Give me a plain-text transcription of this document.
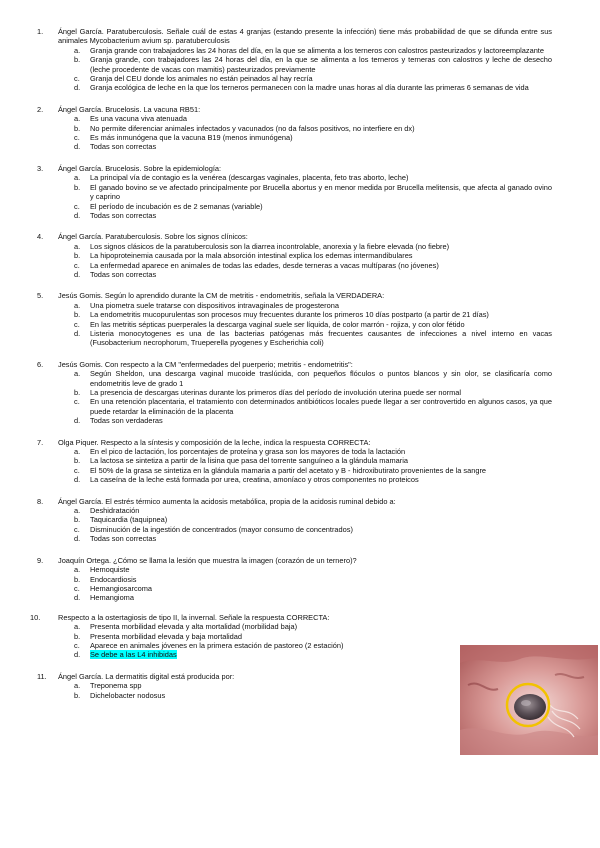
1.	Ángel García. Paratuberculosis. Señale cuál de estas 4 granjas (estando presente la infección) tiene más probabilidad de que se difunda entre sus animales Mycobacterium avium sp. paratuberculosis
a.	Granja grande con trabajadores las 24 horas del día, en la que se alimenta a los terneros con calostros pasteurizados y lactoreemplazante
b.	Granja grande, con trabajadores las 24 horas del día, en la que se alimenta a los terneros y terneras con calostros y leche de desecho (leche procedente de vacas con mamitis) pasteurizados previamente
c.	Granja del CEU donde los animales no están peinados al hay recría
d.	Granja ecológica de leche en la que los terneros permanecen con la madre unas horas al día durante las primeras 6 semanas de vida
2.	Ángel García. Brucelosis. La vacuna RB51:
a.	Es una vacuna viva atenuada
b.	No permite diferenciar animales infectados y vacunados (no da falsos positivos, no interfiere en dx)
c.	Es más inmunógena que la vacuna B19 (menos inmunógena)
d.	Todas son correctas
3.	Ángel García. Brucelosis. Sobre la epidemiología:
a.	La principal vía de contagio es la venérea (descargas vaginales, placenta, feto tras aborto, leche)
b.	El ganado bovino se ve afectado principalmente por Brucella abortus y en menor medida por Brucella melitensis, que afecta al ganado ovino y caprino
c.	El período de incubación es de 2 semanas (variable)
d.	Todas son correctas
4.	Ángel García. Paratuberculosis. Sobre los signos clínicos:
a.	Los signos clásicos de la paratuberculosis son la diarrea incontrolable, anorexia y la fiebre elevada (no fiebre)
b.	La hipoproteinemia causada por la mala absorción intestinal explica los edemas intermandibulares
c.	La enfermedad aparece en animales de todas las edades, desde terneras a vacas multíparas (no jóvenes)
d.	Todas son correctas
5.	Jesús Gomis. Según lo aprendido durante la CM de metritis - endometritis, señala la VERDADERA:
a.	Una piometra suele tratarse con dispositivos intravaginales de progesterona
b.	La endometritis mucopurulentas son procesos muy frecuentes durante los primeros 10 días postparto (a partir de 21 días)
c.	En las metritis sépticas puerperales la descarga vaginal suele ser líquida, de color marrón - rojiza, y con olor fétido
d.	Listeria monocytogenes es una de las bacterias patógenas más frecuentes causantes de infecciones a nivel interno en vacas (Fusobacterium necrophorum, Trueperella pyogenes y Escherichia coli)
6.	Jesús Gomis. Con respecto a la CM "enfermedades del puerperio; metritis - endometritis":
a.	Según Sheldon, una descarga vaginal mucoide traslúcida, con pequeños flóculos o puntos blancos y sin olor, se clasificaría como endometritis leve de grado 1
b.	La presencia de descargas uterinas durante los primeros días del período de involución uterina puede ser normal
c.	En una retención placentaria, el tratamiento con determinados antibióticos locales puede llegar a ser controvertido en algunos casos, ya que puede retardar la eliminación de la placenta
d.	Todas son verdaderas
7.	Olga Piquer. Respecto a la síntesis y composición de la leche, indica la respuesta CORRECTA:
a.	En el pico de lactación, los porcentajes de proteína y grasa son los mayores de toda la lactación
b.	La lactosa se sintetiza a partir de la lisina que pasa del torrente sanguíneo a la glándula mamaria
c.	El 50% de la grasa se sintetiza en la glándula mamaria a partir del acetato y B - hidroxibutirato provenientes de la sangre
d.	La caseína de la leche está formada por urea, creatina, amoníaco y otros componentes no proteicos
8.	Ángel García. El estrés térmico aumenta la acidosis metabólica, propia de la acidosis ruminal debido a:
a.	Deshidratación
b.	Taquicardia (taquipnea)
c.	Disminución de la ingestión de concentrados (mayor consumo de concentrados)
d.	Todas son correctas
9.	Joaquín Ortega. ¿Cómo se llama la lesión que muestra la imagen (corazón de un ternero)?
a.	Hemoquiste
b.	Endocardiosis
c.	Hemangiosarcoma
d.	Hemangioma
10.	Respecto a la ostertagiosis de tipo II, la invernal. Señale la respuesta CORRECTA:
a.	Presenta morbilidad elevada y alta mortalidad (morbilidad baja)
b.	Presenta morbilidad elevada y baja mortalidad
c.	Aparece en animales jóvenes en la primera estación de pastoreo (2 estación)
d.	Se debe a las L4 inhibidas
11.	Ángel García. La dermatitis digital está producida por:
a.	Treponema spp
b.	Dichelobacter nodosus
